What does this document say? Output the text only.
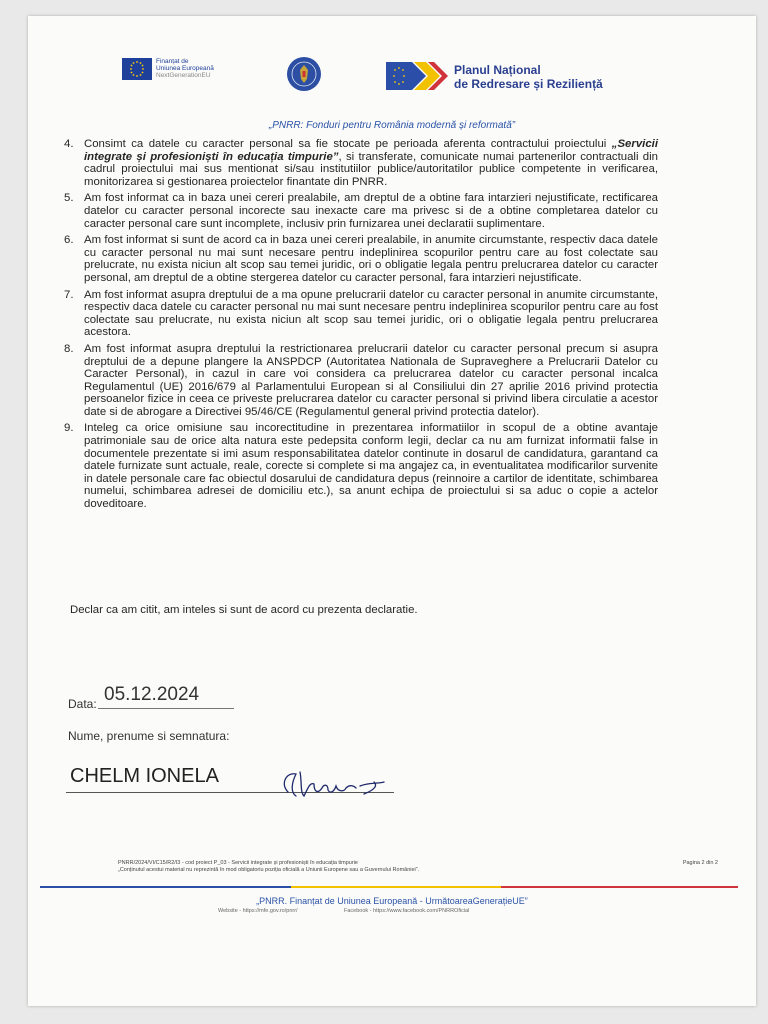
Finanțat de
Uniunea Europeană
NextGenerationEU	Planul Național
de Redresare și Reziliență
„PNRR: Fonduri pentru România modernă și reformată”
4. Consimt ca datele cu caracter personal sa fie stocate pe perioada aferenta contractului proiectului „Servicii integrate și profesioniști în educația timpurie”, si transferate, comunicate numai partenerilor contractuali din cadrul proiectului mai sus mentionat si/sau institutiilor publice/autoritatilor publice competente in verificarea, monitorizarea si gestionarea proiectelor finantate din PNRR.
5. Am fost informat ca in baza unei cereri prealabile, am dreptul de a obtine fara intarzieri nejustificate, rectificarea datelor cu caracter personal incorecte sau inexacte care ma privesc si de a obtine completarea datelor cu caracter personal care sunt incomplete, inclusiv prin furnizarea unei declaratii suplimentare.
6. Am fost informat si sunt de acord ca in baza unei cereri prealabile, in anumite circumstante, respectiv daca datele cu caracter personal nu mai sunt necesare pentru indeplinirea scopurilor pentru care au fost colectate sau prelucrate, nu exista niciun alt scop sau temei juridic, ori o obligatie legala pentru prelucrarea datelor cu caracter personal, am dreptul de a obtine stergerea datelor cu caracter personal, fara intarzieri nejustificate.
7. Am fost informat asupra dreptului de a ma opune prelucrarii datelor cu caracter personal in anumite circumstante, respectiv daca datele cu caracter personal nu mai sunt necesare pentru indeplinirea scopurilor pentru care au fost colectate sau prelucrate, nu exista niciun alt scop sau temei juridic, ori o obligatie legala pentru prelucrarea acestora.
8. Am fost informat asupra dreptului la restrictionarea prelucrarii datelor cu caracter personal precum si asupra dreptului de a depune plangere la ANSPDCP (Autoritatea Nationala de Supraveghere a Prelucrarii Datelor cu Caracter Personal), in cazul in care voi considera ca prelucrarea datelor cu caracter personal incalca Regulamentul (UE) 2016/679 al Parlamentului European si al Consiliului din 27 aprilie 2016 privind protectia persoanelor fizice in ceea ce priveste prelucrarea datelor cu caracter personal si privind libera circulatie a acestor date si de abrogare a Directivei 95/46/CE (Regulamentul general privind protectia datelor).
9. Inteleg ca orice omisiune sau incorectitudine in prezentarea informatiilor in scopul de a obtine avantaje patrimoniale sau de orice alta natura este pedepsita conform legii, declar ca nu am furnizat informatii false in documentele prezentate si imi asum responsabilitatea datelor continute in dosarul de candidatura, garantand ca datele furnizate sunt actuale, reale, corecte si complete si ma angajez ca, in eventualitatea modificarilor survenite in datele personale care fac obiectul dosarului de candidatura depus (reinnoire a cartilor de identitate, schimbarea numelui, schimbarea adresei de domiciliu etc.), sa anunt echipa de proiectului si sa aduc o copie a actelor doveditoare.
Declar ca am citit, am inteles si sunt de acord cu prezenta declaratie.
Data: 05.12.2024
Nume, prenume si semnatura:
CHELM IONELA
PNRR/2024/VI/C15/R2/I3 - cod proiect P_03 - Servicii integrate și profesioniști în educația timpurie	Pagina 2 din 2
„Conținutul acestui material nu reprezintă în mod obligatoriu poziția oficială a Uniunii Europene sau a Guvernului României”.
„PNRR. Finanțat de Uniunea Europeană - UrmătoareaGenerațieUE”
Website - https://mfe.gov.ro/pnrr/	Facebook - https://www.facebook.com/PNRROficial
